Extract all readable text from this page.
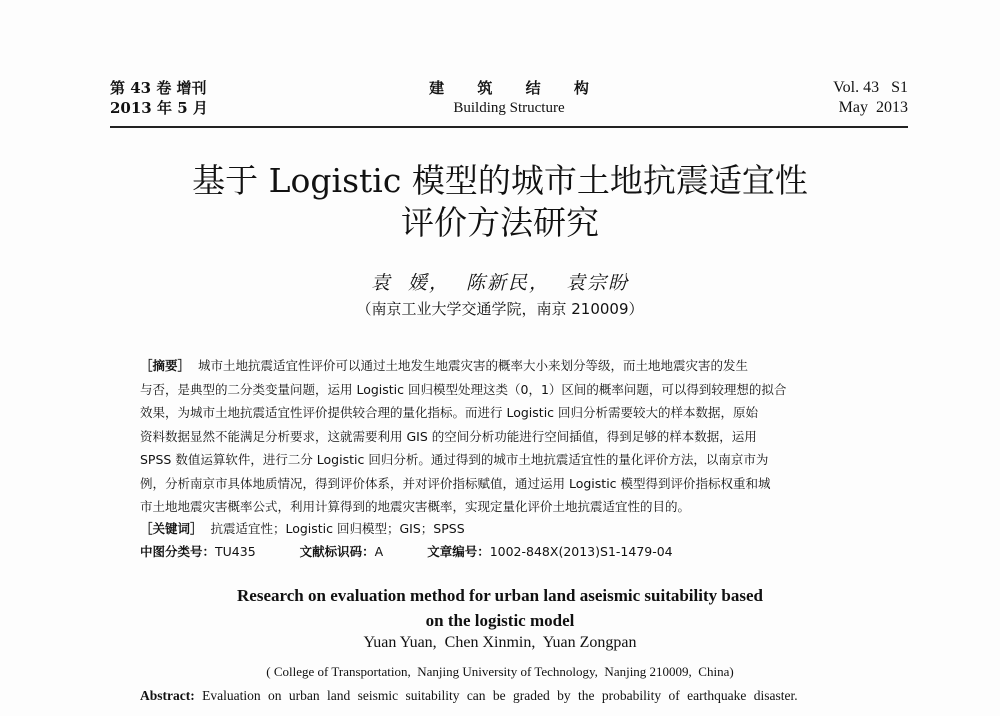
第 43 卷 增刊
2013 年 5 月
建 筑 结 构
Building Structure
Vol. 43   S1
May  2013
基于 Logistic 模型的城市土地抗震适宜性
评价方法研究
袁  媛，  陈新民，  袁宗盼
（南京工业大学交通学院，南京 210009）
［摘要］  城市土地抗震适宜性评价可以通过土地发生地震灾害的概率大小来划分等级，而土地地震灾害的发生
与否，是典型的二分类变量问题，运用 Logistic 回归模型处理这类（0，1）区间的概率问题，可以得到较理想的拟合
效果，为城市土地抗震适宜性评价提供较合理的量化指标。而进行 Logistic 回归分析需要较大的样本数据，原始
资料数据显然不能满足分析要求，这就需要利用 GIS 的空间分析功能进行空间插值，得到足够的样本数据，运用
SPSS 数值运算软件，进行二分 Logistic 回归分析。通过得到的城市土地抗震适宜性的量化评价方法，以南京市为
例，分析南京市具体地质情况，得到评价体系，并对评价指标赋值，通过运用 Logistic 模型得到评价指标权重和城
市土地地震灾害概率公式，利用计算得到的地震灾害概率，实现定量化评价土地抗震适宜性的目的。
［关键词］  抗震适宜性；Logistic 回归模型；GIS；SPSS
中图分类号：TU435	文献标识码：A	文章编号：1002-848X(2013)S1-1479-04
Research on evaluation method for urban land aseismic suitability based
on the logistic model
Yuan Yuan,  Chen Xinmin,  Yuan Zongpan
( College of Transportation,  Nanjing University of Technology,  Nanjing 210009,  China)
Abstract: Evaluation on urban land seismic suitability can be graded by the probability of earthquake disaster.
